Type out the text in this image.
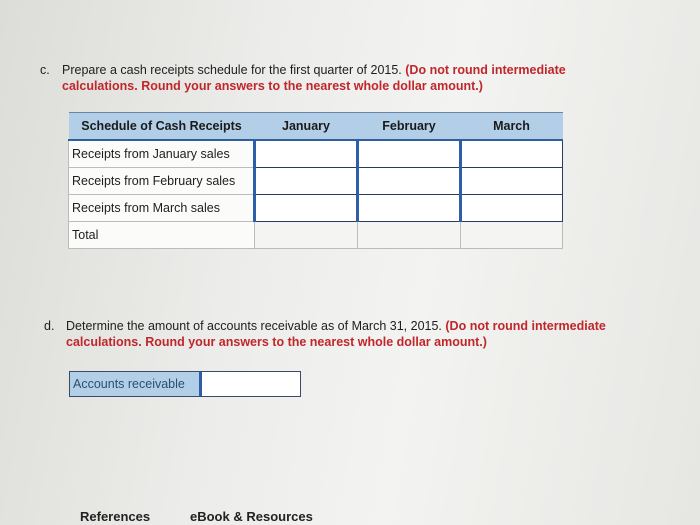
c. Prepare a cash receipts schedule for the first quarter of 2015. (Do not round intermediate calculations. Round your answers to the nearest whole dollar amount.)
Schedule of Cash Receipts	January	February	March
Receipts from January sales			
Receipts from February sales			
Receipts from March sales			
Total			
d. Determine the amount of accounts receivable as of March 31, 2015. (Do not round intermediate calculations. Round your answers to the nearest whole dollar amount.)
Accounts receivable
References	eBook & Resources
